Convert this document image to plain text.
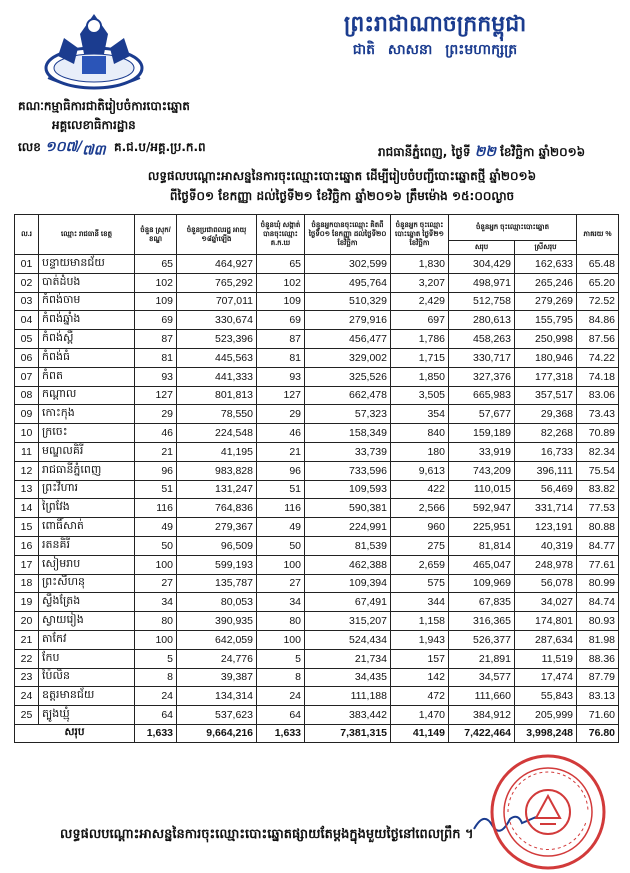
ព្រះរាជាណាចក្រកម្ពុជា
ជាតិ សាសនា ព្រះមហាក្សត្រ
គណៈកម្មាធិការជាតិរៀបចំការបោះឆ្នោត
អគ្គលេខាធិការដ្ឋាន
លេខ ១០៧$/_{៧៣}$ គ.ជ.ប/អគ្គ.ប្រ.ក.ព	រាជធានីភ្នំពេញ, ថ្ងៃទី ២២ ខែវិច្ឆិកា ឆ្នាំ២០១៦
លទ្ធផលបណ្តោះអាសន្ននៃការចុះឈ្មោះបោះឆ្នោត ដើម្បីរៀបចំបញ្ជីបោះឆ្នោតថ្មី ឆ្នាំ២០១៦
ពីថ្ងៃទី០១ ខែកញ្ញា ដល់ថ្ងៃទី២១ ខែវិច្ឆិកា ឆ្នាំ២០១៦ ត្រឹមម៉ោង ១៥:០០ល្ងាច
ល.រ	ឈ្មោះ រាជធានី ខេត្ត	ចំនួន ស្រុក/ខណ្ឌ	ចំនួនប្រជាពលរដ្ឋ អាយុ ១៨ឆ្នាំឡើង	ចំនួនឃុំ សង្កាត់ បានចុះឈ្មោះ គ.ក.ឃ	ចំនួនអ្នកបានចុះឈ្មោះ គិតពីថ្ងៃទី០១ ខែកញ្ញា ដល់ថ្ងៃទី២០ ខែវិច្ឆិកា	ចំនួនអ្នក ចុះឈ្មោះបោះឆ្នោត ថ្ងៃទី២១ ខែវិច្ឆិកា	ចំនួនអ្នក ចុះឈ្មោះបោះឆ្នោត		ភាគរយ %
							សរុប	ស្រីសរុប	
01	បន្ទាយមានជ័យ	65	464,927	65	302,599	1,830	304,429	162,633	65.48
02	បាត់ដំបង	102	765,292	102	495,764	3,207	498,971	265,246	65.20
03	កំពង់ចាម	109	707,011	109	510,329	2,429	512,758	279,269	72.52
04	កំពង់ឆ្នាំង	69	330,674	69	279,916	697	280,613	155,795	84.86
05	កំពង់ស្ពឺ	87	523,396	87	456,477	1,786	458,263	250,998	87.56
06	កំពង់ធំ	81	445,563	81	329,002	1,715	330,717	180,946	74.22
07	កំពត	93	441,333	93	325,526	1,850	327,376	177,318	74.18
08	កណ្តាល	127	801,813	127	662,478	3,505	665,983	357,517	83.06
09	កោះកុង	29	78,550	29	57,323	354	57,677	29,368	73.43
10	ក្រចេះ	46	224,548	46	158,349	840	159,189	82,268	70.89
11	មណ្ឌលគិរី	21	41,195	21	33,739	180	33,919	16,733	82.34
12	រាជធានីភ្នំពេញ	96	983,828	96	733,596	9,613	743,209	396,111	75.54
13	ព្រះវិហារ	51	131,247	51	109,593	422	110,015	56,469	83.82
14	ព្រៃវែង	116	764,836	116	590,381	2,566	592,947	331,714	77.53
15	ពោធិ៍សាត់	49	279,367	49	224,991	960	225,951	123,191	80.88
16	រតនគិរី	50	96,509	50	81,539	275	81,814	40,319	84.77
17	សៀមរាប	100	599,193	100	462,388	2,659	465,047	248,978	77.61
18	ព្រះសីហនុ	27	135,787	27	109,394	575	109,969	56,078	80.99
19	ស្ទឹងត្រែង	34	80,053	34	67,491	344	67,835	34,027	84.74
20	ស្វាយរៀង	80	390,935	80	315,207	1,158	316,365	174,801	80.93
21	តាកែវ	100	642,059	100	524,434	1,943	526,377	287,634	81.98
22	កែប	5	24,776	5	21,734	157	21,891	11,519	88.36
23	ប៉ៃលិន	8	39,387	8	34,435	142	34,577	17,474	87.79
24	ឧត្តរមានជ័យ	24	134,314	24	111,188	472	111,660	55,843	83.13
25	ត្បូងឃ្មុំ	64	537,623	64	383,442	1,470	384,912	205,999	71.60
សរុប		1,633	9,664,216	1,633	7,381,315	41,149	7,422,464	3,998,248	76.80
លទ្ធផលបណ្តោះអាសន្ននៃការចុះឈ្មោះបោះឆ្នោតផ្សាយតែម្តងក្នុងមួយថ្ងៃនៅពេលព្រឹក ។
